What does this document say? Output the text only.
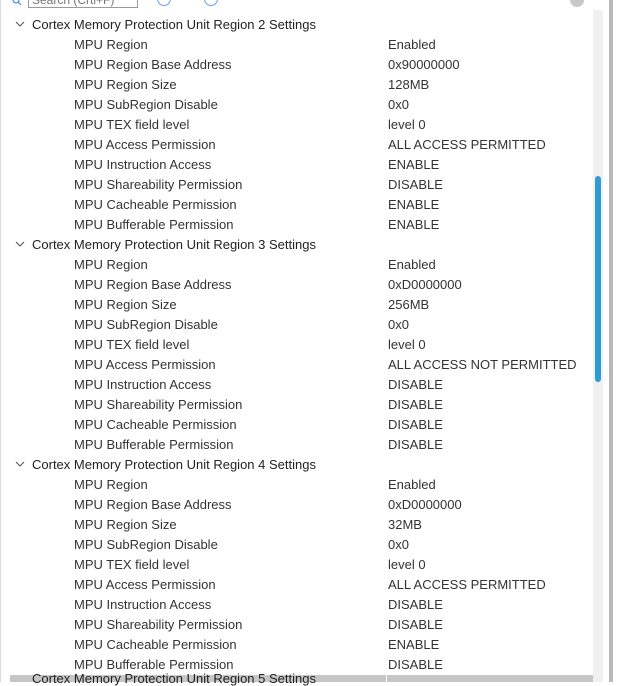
Search (Crtl+F)
Cortex Memory Protection Unit Region 2 Settings
MPU Region	Enabled
MPU Region Base Address	0x90000000
MPU Region Size	128MB
MPU SubRegion Disable	0x0
MPU TEX field level	level 0
MPU Access Permission	ALL ACCESS PERMITTED
MPU Instruction Access	ENABLE
MPU Shareability Permission	DISABLE
MPU Cacheable Permission	ENABLE
MPU Bufferable Permission	ENABLE
Cortex Memory Protection Unit Region 3 Settings
MPU Region	Enabled
MPU Region Base Address	0xD0000000
MPU Region Size	256MB
MPU SubRegion Disable	0x0
MPU TEX field level	level 0
MPU Access Permission	ALL ACCESS NOT PERMITTED
MPU Instruction Access	DISABLE
MPU Shareability Permission	DISABLE
MPU Cacheable Permission	DISABLE
MPU Bufferable Permission	DISABLE
Cortex Memory Protection Unit Region 4 Settings
MPU Region	Enabled
MPU Region Base Address	0xD0000000
MPU Region Size	32MB
MPU SubRegion Disable	0x0
MPU TEX field level	level 0
MPU Access Permission	ALL ACCESS PERMITTED
MPU Instruction Access	DISABLE
MPU Shareability Permission	DISABLE
MPU Cacheable Permission	ENABLE
MPU Bufferable Permission	DISABLE
Cortex Memory Protection Unit Region 5 Settings
